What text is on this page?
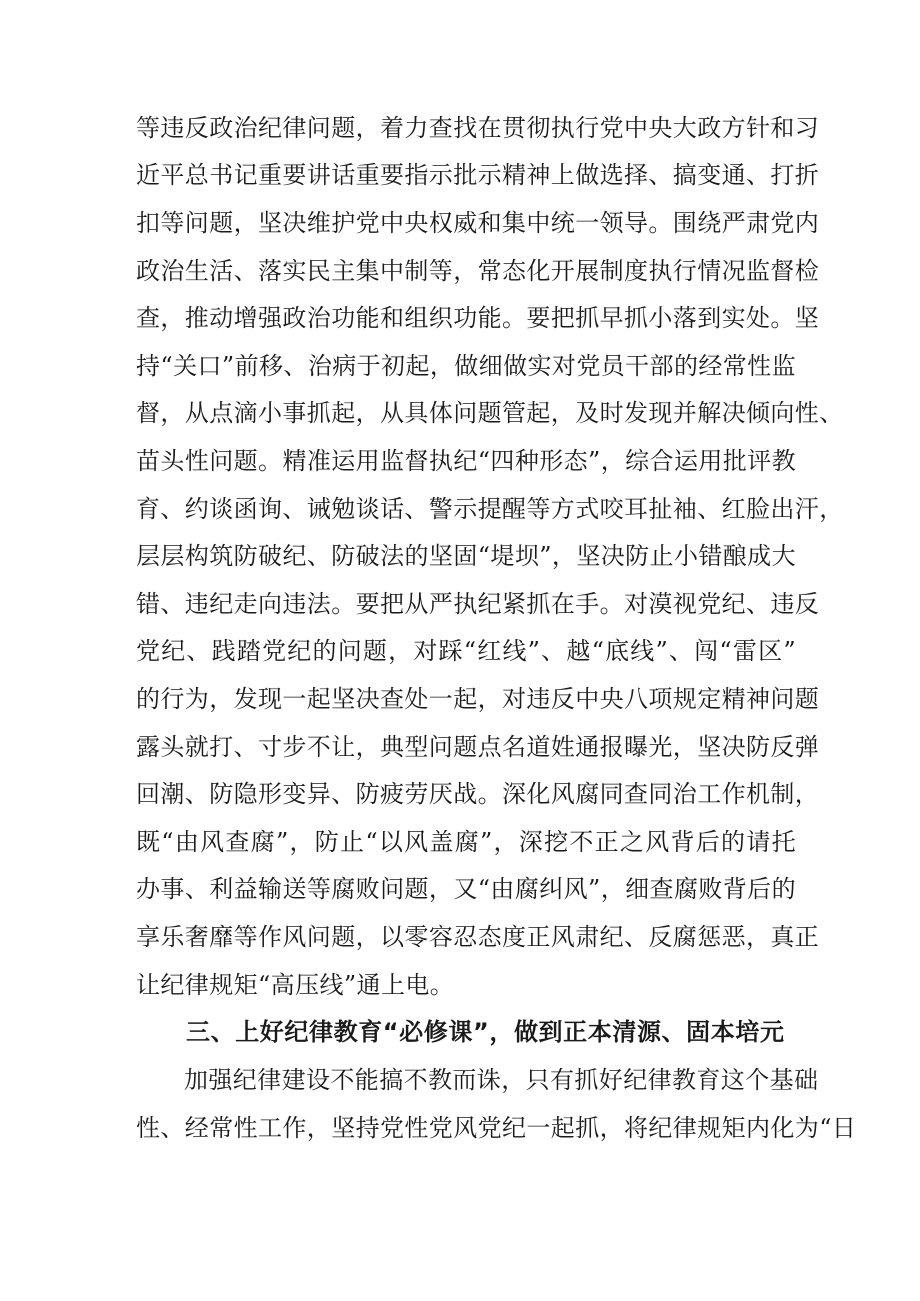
等违反政治纪律问题，着力查找在贯彻执行党中央大政方针和习
近平总书记重要讲话重要指示批示精神上做选择、搞变通、打折
扣等问题，坚决维护党中央权威和集中统一领导。围绕严肃党内
政治生活、落实民主集中制等，常态化开展制度执行情况监督检
查，推动增强政治功能和组织功能。要把抓早抓小落到实处。坚
持“关口”前移、治病于初起，做细做实对党员干部的经常性监
督，从点滴小事抓起，从具体问题管起，及时发现并解决倾向性、
苗头性问题。精准运用监督执纪“四种形态”，综合运用批评教
育、约谈函询、诫勉谈话、警示提醒等方式咬耳扯袖、红脸出汗，
层层构筑防破纪、防破法的坚固“堤坝”，坚决防止小错酿成大
错、违纪走向违法。要把从严执纪紧抓在手。对漠视党纪、违反
党纪、践踏党纪的问题，对踩“红线”、越“底线”、闯“雷区”
的行为，发现一起坚决查处一起，对违反中央八项规定精神问题
露头就打、寸步不让，典型问题点名道姓通报曝光，坚决防反弹
回潮、防隐形变异、防疲劳厌战。深化风腐同查同治工作机制，
既“由风查腐”，防止“以风盖腐”，深挖不正之风背后的请托
办事、利益输送等腐败问题，又“由腐纠风”，细查腐败背后的
享乐奢靡等作风问题，以零容忍态度正风肃纪、反腐惩恶，真正
让纪律规矩“高压线”通上电。
三、上好纪律教育“必修课”，做到正本清源、固本培元
加强纪律建设不能搞不教而诛，只有抓好纪律教育这个基础
性、经常性工作，坚持党性党风党纪一起抓，将纪律规矩内化为“日
